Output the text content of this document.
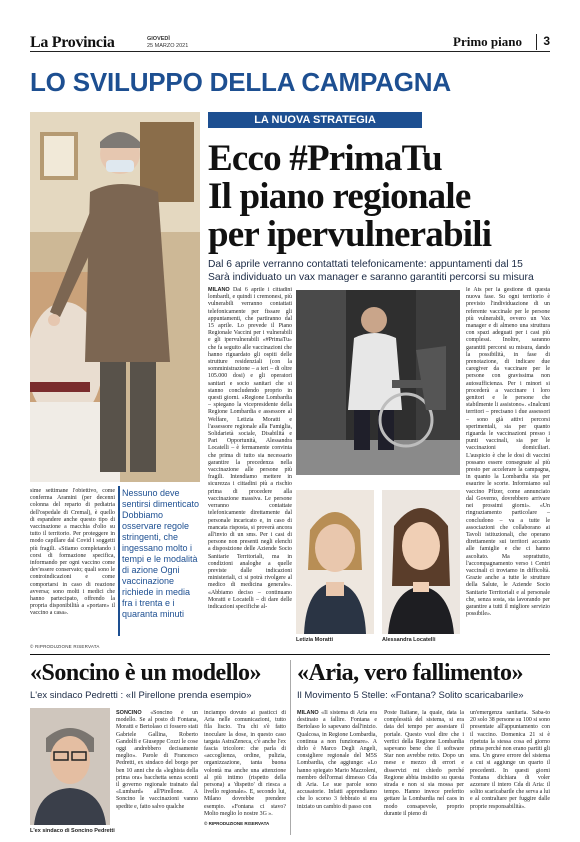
La Provincia	GIOVEDÌ
25 MARZO 2021	Primo piano	3
LO SVILUPPO DELLA CAMPAGNA
LA NUOVA STRATEGIA
Ecco #PrimaTu
Il piano regionale
per ipervulnerabili
Dal 6 aprile verranno contattati telefonicamente: appuntamenti dal 15
Sarà individuato un vax manager e saranno garantiti percorsi su misura
MILANO Dal 6 aprile i cittadini lombardi, e quindi i cremonesi, più vulnerabili verranno contattati telefonicamente per fissare gli appuntamenti, che partiranno dal 15 aprile. Lo prevede il Piano Regionale Vaccini per i vulnerabili e gli ipervulnerabili «#PrimaTu» che fa seguito alle vaccinazioni che hanno riguardato gli ospiti delle strutture residenziali (con la somministrazione – a ieri – di oltre 105.000 dosi) e gli operatori sanitari e socio sanitari che si stanno concludendo proprio in questi giorni. «Regione Lombardia – spiegano la vicepresidente della Regione Lombardia e assessore al Welfare, Letizia Moratti e l'assessore regionale alla Famiglia, Solidarietà sociale, Disabilità e Pari Opportunità, Alessandra Locatelli – è fermamente convinta che prima di tutto sia necessario garantire la precedenza nella vaccinazione alle persone più fragili. Intendiamo mettere in sicurezza i cittadini più a rischio prima di procedere alla vaccinazione massiva. Le persone verranno contattate telefonicamente direttamente dal personale incaricato e, in caso di mancata risposta, si proverà ancora all'invio di un sms. Per i casi di persone non presenti negli elenchi a disposizione delle Aziende Socio Sanitarie Territoriali, ma in condizioni analoghe a quelle previste dalle indicazioni ministeriali, ci si potrà rivolgere al medico di medicina generale». «Abbiamo deciso – continuano Moratti e Locatelli – di dare delle indicazioni specifiche al-
sime settimane l'obiettivo, come conferma Aramini (per decenni colonna del reparto di pediatria dell'ospedale di Cremal), è quello di espandere anche questo tipo di vaccinazione a macchia d'olio su tutto il territorio. Per proteggere in modo capillare dal Covid i soggetti più fragili. «Stiamo completando i corsi di formazione specifica, informando per ogni vaccino come dev'essere conservato; quali sono le controindicazioni e come comportarsi in caso di reazione avversa; sono molti i medici che hanno partecipato, offrendo la propria disponibilità a «portare» il vaccino a casa».
© RIPRODUZIONE RISERVATA
Nessuno deve sentirsi dimenticato Dobbiamo osservare regole stringenti, che ingessano molto i tempi e le modalità di azione Ogni vaccinazione richiede in media fra i trenta e i quaranta minuti
Letizia Moratti	Alessandra Locatelli
le Ats per la gestione di questa nuova fase. Su ogni territorio è previsto l'individuazione di un referente vaccinale per le persone più vulnerabili, ovvero un Vax manager e di almeno una struttura con spazi adeguati per i casi più complessi. Inoltre, saranno garantiti percorsi su misura, dando la possibilità, in fase di prenotazione, di indicare due caregiver da vaccinare per le persone con gravissima non autosufficienza. Per i minori si procederà a vaccinare i loro genitori e le persone che stabilmente li assistono». «Inalcuni territori – precisano i due assessori – sono già attivi percorsi sperimentali, sia per quanto riguarda le vaccinazioni presso i punti vaccinali, sia per le vaccinazioni domiciliari. L'auspicio è che le dosi di vaccini possano essere consegnate al più presto per accelerare la campagna, in quanto la Lombardia sta per esaurire le scorte. Informiamo sul vaccino Pfizer, come annunciato dal Governo, dovrebbero arrivare nei prossimi giorni». «Un ringraziamento particolare – concludono – va a tutte le associazioni che collaborano ai Tavoli istituzionali, che operano direttamente sui territori accanto alle famiglie e che ci hanno ascoltato. Ma soprattutto, l'accompagnamento verso i Centri vaccinali ci troviamo in difficoltà. Grazie anche a tutte le strutture della Salute, le Aziende Socio Sanitarie Territoriali e al personale che, senza sosta, sta lavorando per garantire a tutti il migliore servizio possibile».
«Soncino è un modello»
L'ex sindaco Pedretti : «Il Pirellone prenda esempio»
L'ex sindaco di Soncino Pedretti
SONCINO «Soncino è un modello. Se al posto di Fontana, Moratti e Bertolaso ci fossero stati Gabriele Gallina, Roberto Gandolfi e Giuseppe Cozzi le cose oggi andrebbero decisamente meglio». Parole di Francesco Pedretti, ex sindaco del borgo per ben 10 anni che da «leghista della prima ora» bacchetta senza sconti il governo regionale trainato dal «Lumbard» all'Pirellone. A Soncino le vaccinazioni vanno spedite e, fatto salvo qualche
inciampo dovuto ai pasticci di Aria nelle comunicazioni, tutto fila liscio. Tra chi s'è fatto inoculare la dose, in questo caso targata AstraZeneca, c'è anche l'ex fascia tricolore: che parla di «accoglienza, ordine, pulizia, organizzazione, tanta buona volontà ma anche una attenzione al più intimo (rispetto della persona) a 'dispetto' di riesca a livello regionale». E, secondo lui, Milano dovrebbe prendere esempio. «Fontana ci stavo? Molto meglio lo nostre 3G ».
© RIPRODUZIONE RISERVATA
«Aria, vero fallimento»
Il Movimento 5 Stelle: «Fontana? Solito scaricabarile»
MILANO «Il sistema di Aria era destinato a fallire. Fontana e Bertolaso lo sapevano dall'inizio. Qualcosa, in Regione Lombardia, continua a non funzionare». A dirlo è Marco Degli Angeli, consigliere regionale del M5S Lombardia, che aggiunge: «Lo hanno spiegato Mario Mazzoleni, membro dell'ormai dimesso Cda di Aria. Le sue parole sono accusatorie. Infatti apprendiamo che lo scorso 3 febbraio si era iniziato un cambio di passo con
Poste Italiane, la quale, data la complessità del sistema, si era data del tempo per assestare il portale. Questo vuol dire che i vertici della Regione Lombardia sapevano bene che il software Star non avrebbe retto. Dopo un mese e mezzo di errori e disservizi mi chiedo perché Regione abbia insistito su questa strada e non si sia mossa per tempo. Hanno invece preferito gettare la Lombardia nel caos in modo consapevole, proprio durante il pieno di
un'emergenza sanitaria. Saba-to 20 solo 38 persone su 100 si sono presentate all'appuntamento con il vaccino. Domenica 21 si è ripetuta la stessa cosa ed giorno prima perché non erano partiti gli sms. Un grave errore del sistema a cui si aggiunge un quarto il precedenti. In questi giorni Fontana dichiara di voler azzerare il intero Cda di Aria: il solito scaricabarile che serva a lui e al contraltare per fuggire dalle proprie responsabilità».
